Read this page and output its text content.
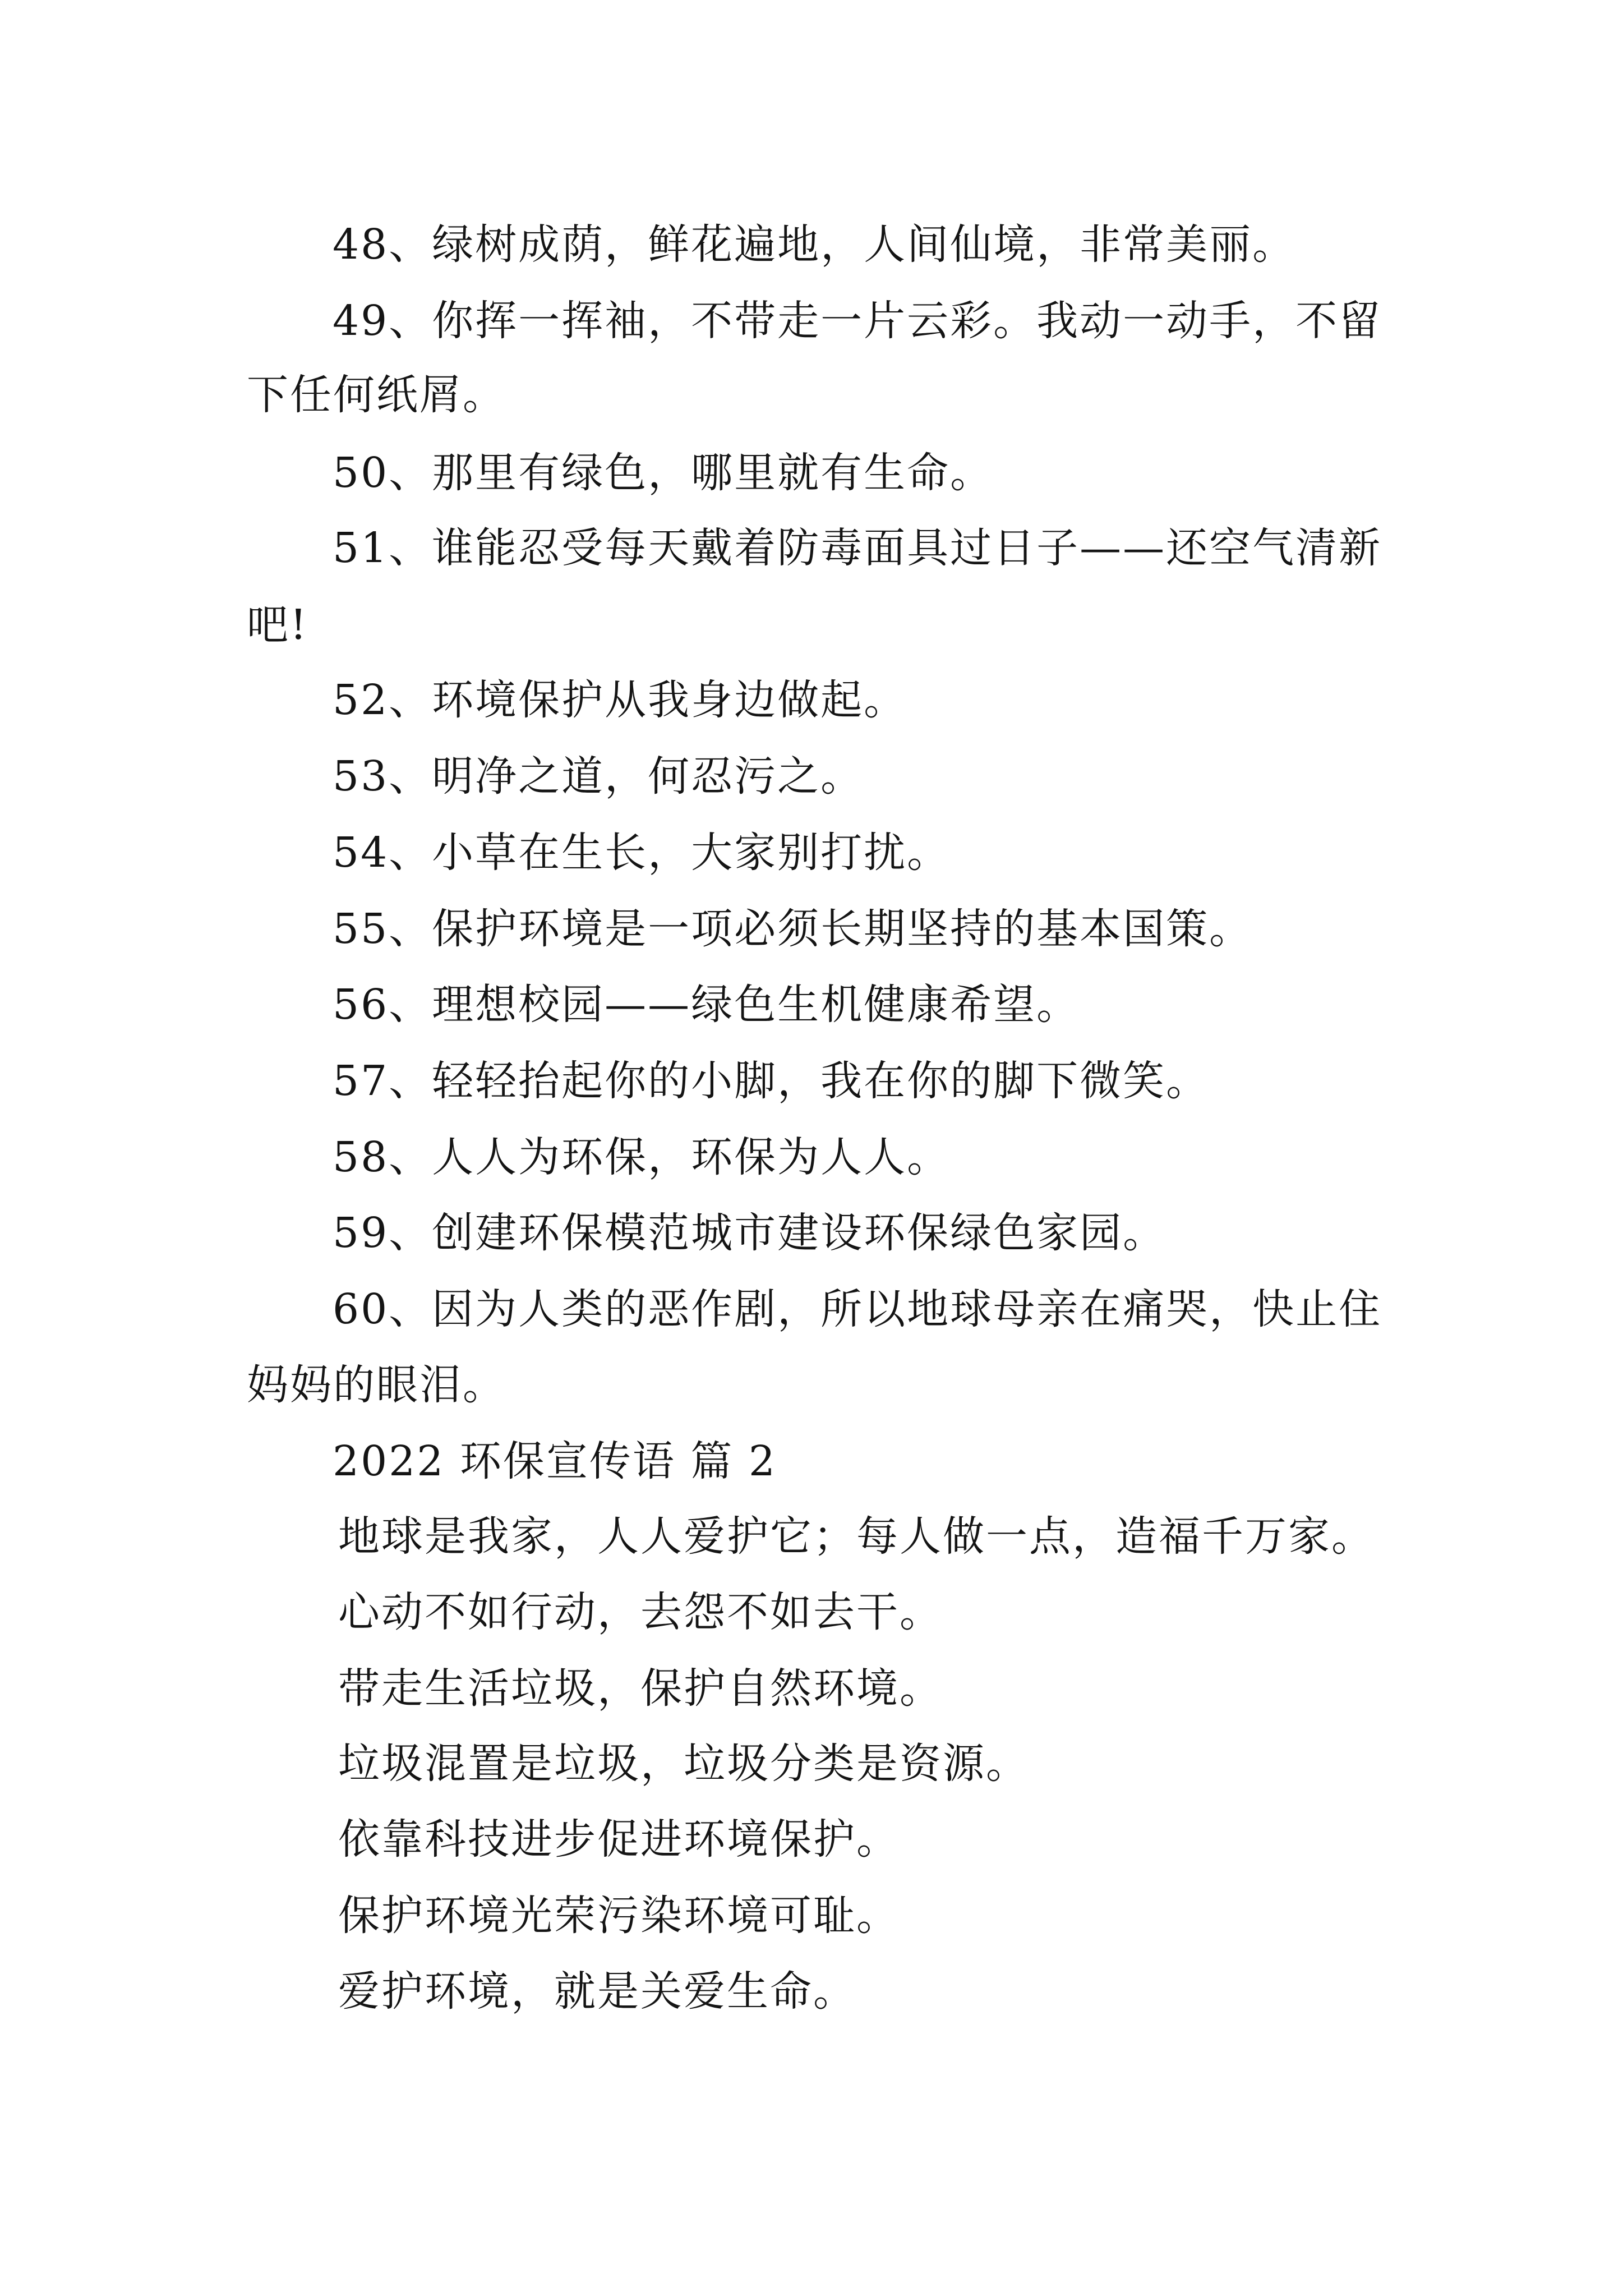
48、绿树成荫，鲜花遍地，人间仙境，非常美丽。
49、你挥一挥袖，不带走一片云彩。我动一动手，不留
下任何纸屑。
50、那里有绿色，哪里就有生命。
51、谁能忍受每天戴着防毒面具过日子——还空气清新
吧!
52、环境保护从我身边做起。
53、明净之道，何忍污之。
54、小草在生长，大家别打扰。
55、保护环境是一项必须长期坚持的基本国策。
56、理想校园——绿色生机健康希望。
57、轻轻抬起你的小脚，我在你的脚下微笑。
58、人人为环保，环保为人人。
59、创建环保模范城市建设环保绿色家园。
60、因为人类的恶作剧，所以地球母亲在痛哭，快止住
妈妈的眼泪。
2022 环保宣传语 篇 2
地球是我家，人人爱护它；每人做一点，造福千万家。
心动不如行动，去怨不如去干。
带走生活垃圾，保护自然环境。
垃圾混置是垃圾，垃圾分类是资源。
依靠科技进步促进环境保护。
保护环境光荣污染环境可耻。
爱护环境，就是关爱生命。
